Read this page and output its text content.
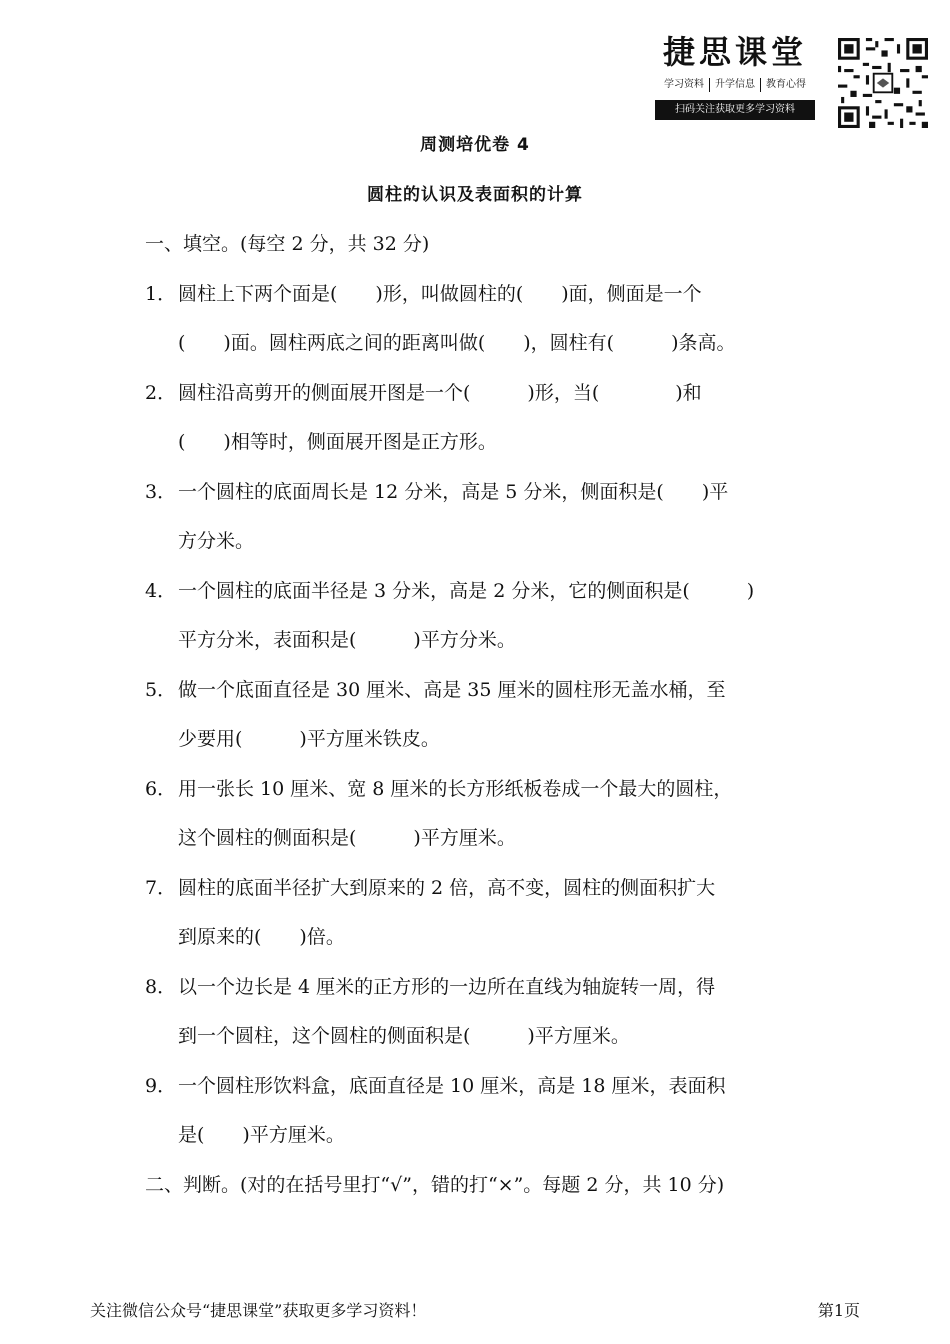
捷思课堂
学习资料	升学信息	教育心得
扫码关注获取更多学习资料
周测培优卷 4
圆柱的认识及表面积的计算
一、填空。(每空 2 分，共 32 分)
1． 圆柱上下两个面是(　　)形，叫做圆柱的(　　)面，侧面是一个
(　　)面。圆柱两底之间的距离叫做(　　)，圆柱有(　　　)条高。
2． 圆柱沿高剪开的侧面展开图是一个(　　　)形，当(　　　　)和
(　　)相等时，侧面展开图是正方形。
3． 一个圆柱的底面周长是 12 分米，高是 5 分米，侧面积是(　　)平
方分米。
4． 一个圆柱的底面半径是 3 分米，高是 2 分米，它的侧面积是(　　　)
平方分米，表面积是(　　　)平方分米。
5． 做一个底面直径是 30 厘米、高是 35 厘米的圆柱形无盖水桶，至
少要用(　　　)平方厘米铁皮。
6． 用一张长 10 厘米、宽 8 厘米的长方形纸板卷成一个最大的圆柱，
这个圆柱的侧面积是(　　　)平方厘米。
7． 圆柱的底面半径扩大到原来的 2 倍，高不变，圆柱的侧面积扩大
到原来的(　　)倍。
8． 以一个边长是 4 厘米的正方形的一边所在直线为轴旋转一周，得
到一个圆柱，这个圆柱的侧面积是(　　　)平方厘米。
9． 一个圆柱形饮料盒，底面直径是 10 厘米，高是 18 厘米，表面积
是(　　)平方厘米。
二、判断。(对的在括号里打“√”，错的打“×”。每题 2 分，共 10 分)
关注微信公众号“捷思课堂”获取更多学习资料！	第1页
